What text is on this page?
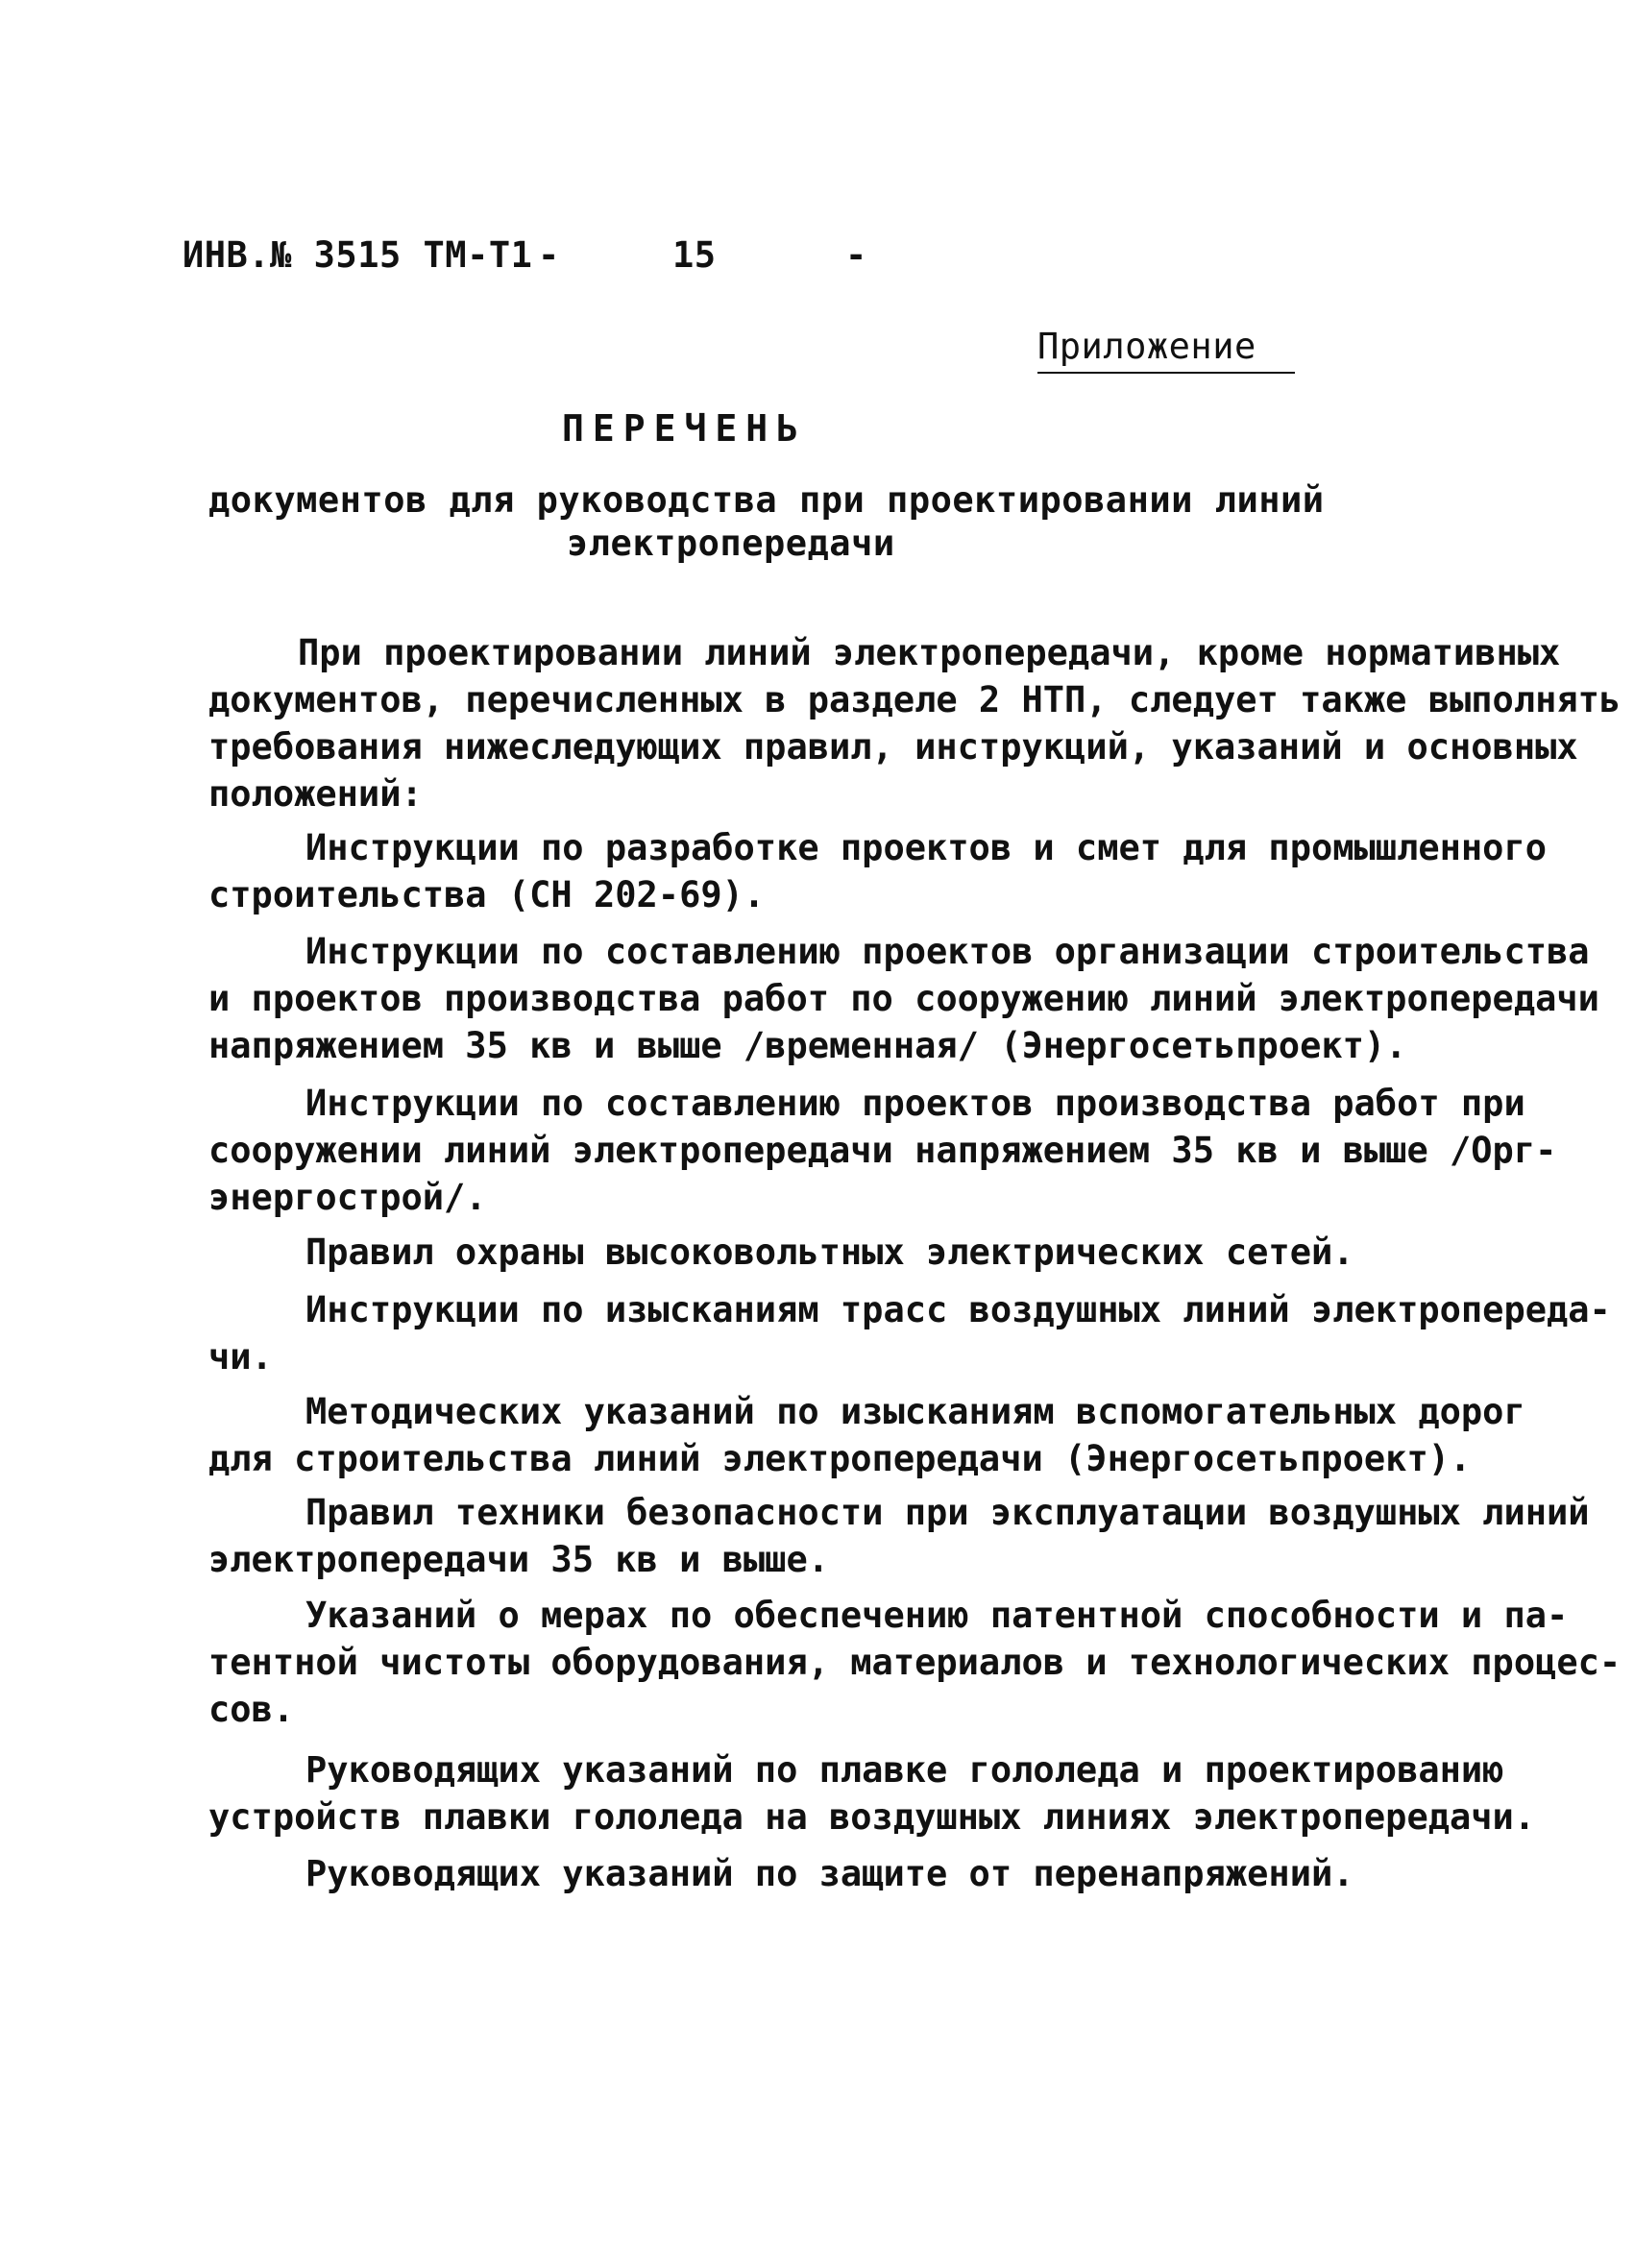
ИНВ.№ 3515 ТМ-Т1 -	15	-
Приложение
ПЕРЕЧЕНЬ
документов для руководства при проектировании линий
электропередачи
При проектировании линий электропередачи, кроме нормативных
документов, перечисленных в разделе 2 НТП, следует также выполнять
требования нижеследующих правил, инструкций, указаний и основных
положений:
Инструкции по разработке проектов и смет для промышленного
строительства (СН 202-69).
Инструкции по составлению проектов организации строительства
и проектов производства работ по сооружению линий электропередачи
напряжением 35 кв и выше /временная/ (Энергосетьпроект).
Инструкции по составлению проектов производства работ при
сооружении линий электропередачи напряжением 35 кв и выше /Орг-
энергострой/.
Правил охраны высоковольтных электрических сетей.
Инструкции по изысканиям трасс воздушных линий электропереда-
чи.
Методических указаний по изысканиям вспомогательных дорог
для строительства линий электропередачи (Энергосетьпроект).
Правил техники безопасности при эксплуатации воздушных линий
электропередачи 35 кв и выше.
Указаний о мерах по обеспечению патентной способности и па-
тентной чистоты оборудования, материалов и технологических процес-
сов.
Руководящих указаний по плавке гололеда и проектированию
устройств плавки гололеда на воздушных линиях электропередачи.
Руководящих указаний по защите от перенапряжений.
